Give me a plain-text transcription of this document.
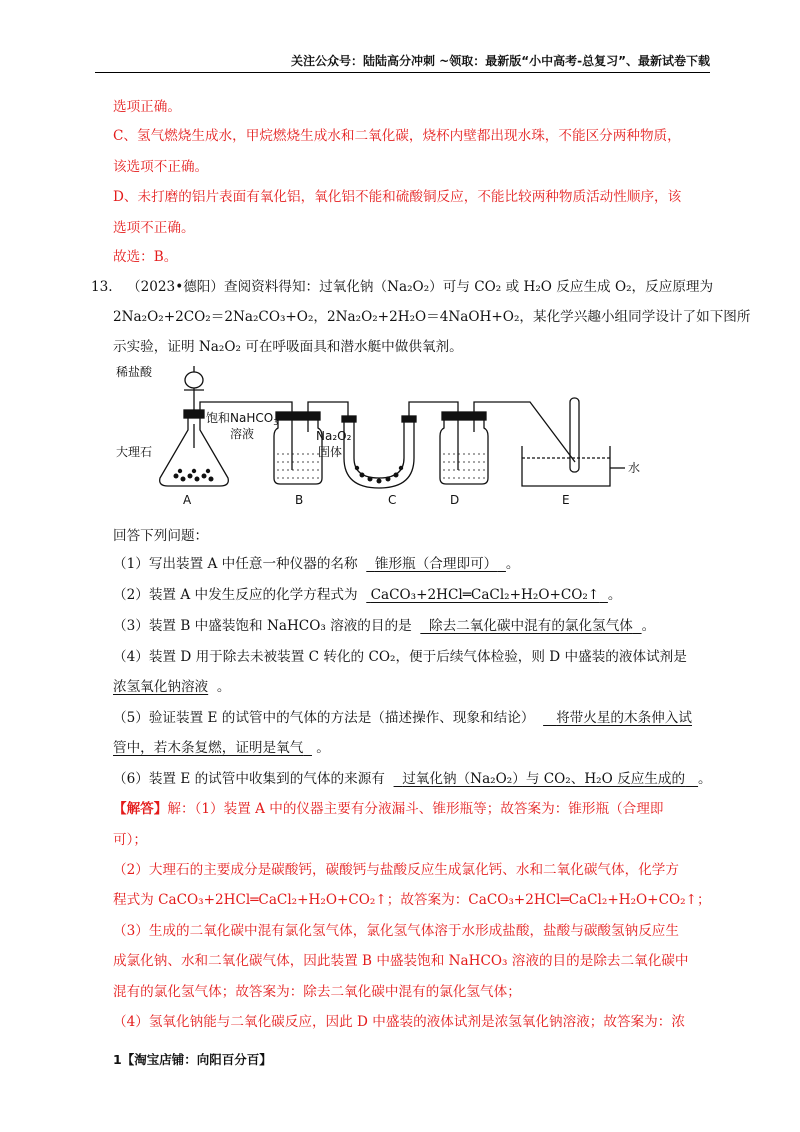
关注公众号：陆陆高分冲刺 ~领取：最新版“小中高考-总复习”、最新试卷下载
选项正确。
C、氢气燃烧生成水，甲烷燃烧生成水和二氧化碳，烧杯内壁都出现水珠，不能区分两种物质，
该选项不正确。
D、未打磨的铝片表面有氧化铝，氧化铝不能和硫酸铜反应，不能比较两种物质活动性顺序，该
选项不正确。
故选：B。
13. （2023•德阳）查阅资料得知：过氧化钠（Na₂O₂）可与 CO₂ 或 H₂O 反应生成 O₂，反应原理为
2Na₂O₂+2CO₂＝2Na₂CO₃+O₂，2Na₂O₂+2H₂O＝4NaOH+O₂，某化学兴趣小组同学设计了如下图所
示实验，证明 Na₂O₂ 可在呼吸面具和潜水艇中做供氧剂。
稀盐酸
大理石
饱和NaHCO$_3$
溶液	Na₂O₂
固体
水
A	B	C	D	E
回答下列问题：
（1）写出装置 A 中任意一种仪器的名称 锥形瓶（合理即可） 。
（2）装置 A 中发生反应的化学方程式为 CaCO₃+2HCl═CaCl₂+H₂O+CO₂↑ 。
（3）装置 B 中盛装饱和 NaHCO₃ 溶液的目的是 除去二氧化碳中混有的氯化氢气体 。
（4）装置 D 用于除去未被装置 C 转化的 CO₂，便于后续气体检验，则 D 中盛装的液体试剂是
浓氢氧化钠溶液 。
（5）验证装置 E 的试管中的气体的方法是（描述操作、现象和结论） 将带火星的木条伸入试
管中，若木条复燃，证明是氧气 。
（6）装置 E 的试管中收集到的气体的来源有 过氧化钠（Na₂O₂）与 CO₂、H₂O 反应生成的 。
【解答】解：（1）装置 A 中的仪器主要有分液漏斗、锥形瓶等；故答案为：锥形瓶（合理即
可）；
（2）大理石的主要成分是碳酸钙，碳酸钙与盐酸反应生成氯化钙、水和二氧化碳气体，化学方
程式为 CaCO₃+2HCl═CaCl₂+H₂O+CO₂↑；故答案为：CaCO₃+2HCl═CaCl₂+H₂O+CO₂↑；
（3）生成的二氧化碳中混有氯化氢气体，氯化氢气体溶于水形成盐酸，盐酸与碳酸氢钠反应生
成氯化钠、水和二氧化碳气体，因此装置 B 中盛装饱和 NaHCO₃ 溶液的目的是除去二氧化碳中
混有的氯化氢气体；故答案为：除去二氧化碳中混有的氯化氢气体；
（4）氢氧化钠能与二氧化碳反应，因此 D 中盛装的液体试剂是浓氢氧化钠溶液；故答案为：浓
1【淘宝店铺：向阳百分百】
